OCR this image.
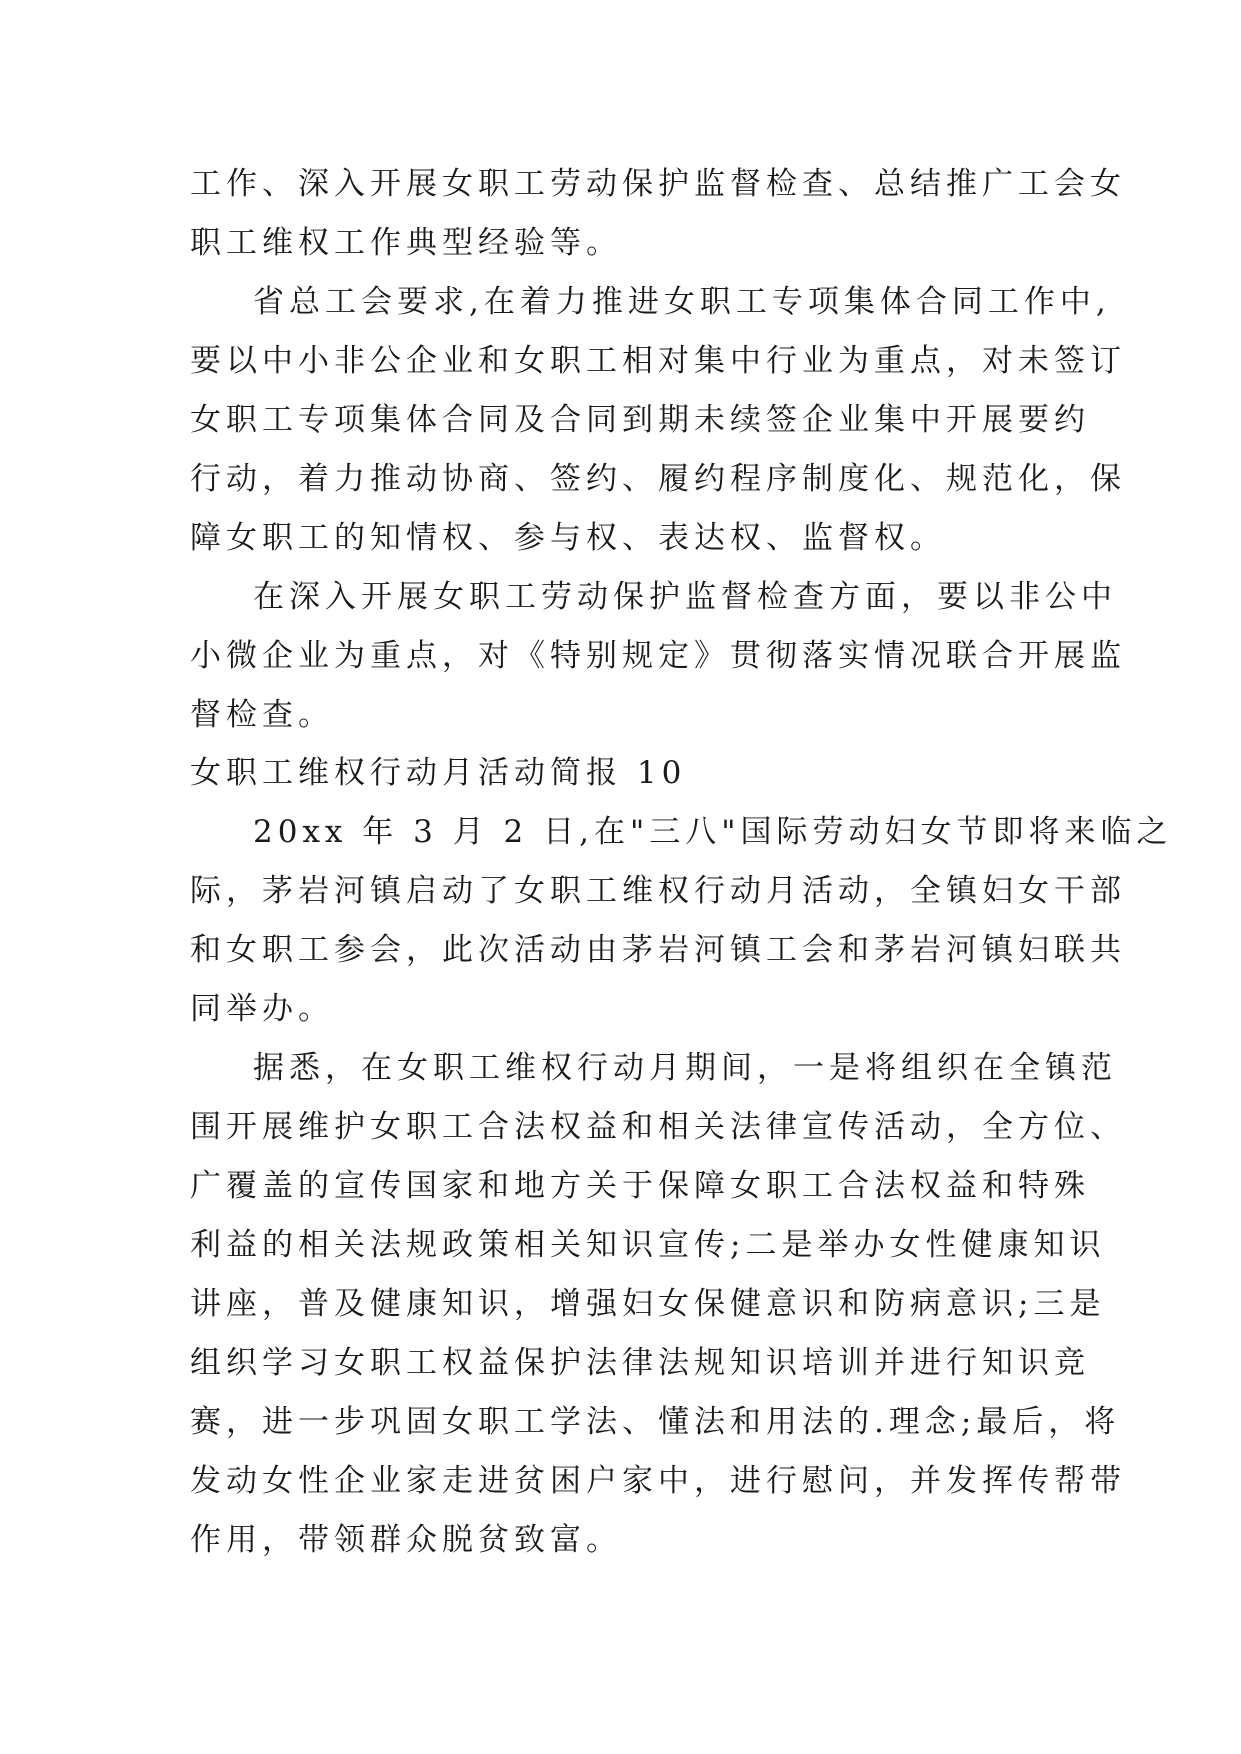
工作、深入开展女职工劳动保护监督检查、总结推广工会女
职工维权工作典型经验等。
省总工会要求,在着力推进女职工专项集体合同工作中,
要以中小非公企业和女职工相对集中行业为重点，对未签订
女职工专项集体合同及合同到期未续签企业集中开展要约
行动，着力推动协商、签约、履约程序制度化、规范化，保
障女职工的知情权、参与权、表达权、监督权。
在深入开展女职工劳动保护监督检查方面，要以非公中
小微企业为重点，对《特别规定》贯彻落实情况联合开展监
督检查。
女职工维权行动月活动简报 10
20xx 年 3 月 2 日,在"三八"国际劳动妇女节即将来临之
际，茅岩河镇启动了女职工维权行动月活动，全镇妇女干部
和女职工参会，此次活动由茅岩河镇工会和茅岩河镇妇联共
同举办。
据悉，在女职工维权行动月期间，一是将组织在全镇范
围开展维护女职工合法权益和相关法律宣传活动，全方位、
广覆盖的宣传国家和地方关于保障女职工合法权益和特殊
利益的相关法规政策相关知识宣传;二是举办女性健康知识
讲座，普及健康知识，增强妇女保健意识和防病意识;三是
组织学习女职工权益保护法律法规知识培训并进行知识竞
赛，进一步巩固女职工学法、懂法和用法的.理念;最后，将
发动女性企业家走进贫困户家中，进行慰问，并发挥传帮带
作用，带领群众脱贫致富。
